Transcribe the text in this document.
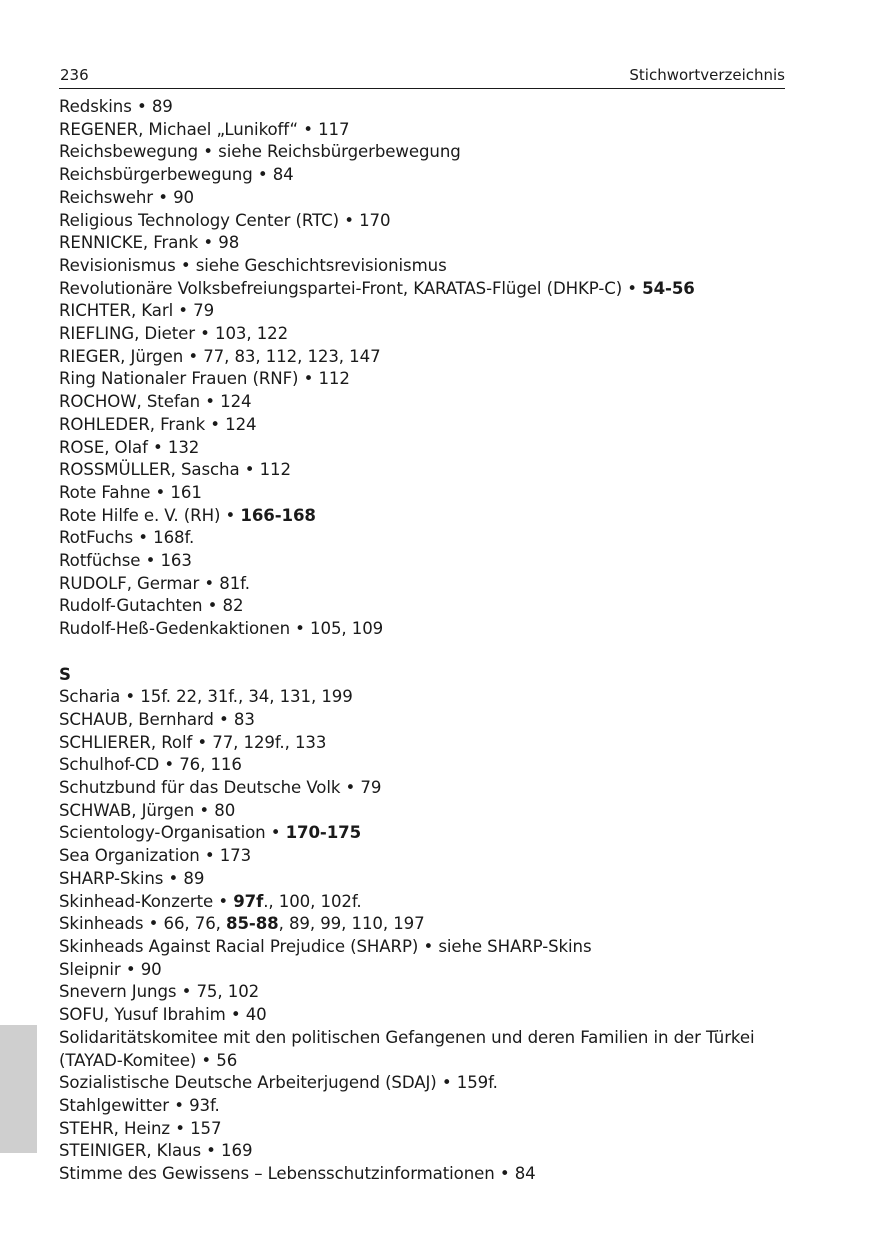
236	Stichwortverzeichnis
Redskins • 89
REGENER, Michael „Lunikoff“ • 117
Reichsbewegung • siehe Reichsbürgerbewegung
Reichsbürgerbewegung • 84
Reichswehr • 90
Religious Technology Center (RTC) • 170
RENNICKE, Frank • 98
Revisionismus • siehe Geschichtsrevisionismus
Revolutionäre Volksbefreiungspartei-Front, KARATAS-Flügel (DHKP-C) • 54-56
RICHTER, Karl • 79
RIEFLING, Dieter • 103, 122
RIEGER, Jürgen • 77, 83, 112, 123, 147
Ring Nationaler Frauen (RNF) • 112
ROCHOW, Stefan • 124
ROHLEDER, Frank • 124
ROSE, Olaf • 132
ROSSMÜLLER, Sascha • 112
Rote Fahne • 161
Rote Hilfe e. V. (RH) • 166-168
RotFuchs • 168f.
Rotfüchse • 163
RUDOLF, Germar • 81f.
Rudolf-Gutachten • 82
Rudolf-Heß-Gedenkaktionen • 105, 109
S
Scharia • 15f. 22, 31f., 34, 131, 199
SCHAUB, Bernhard • 83
SCHLIERER, Rolf • 77, 129f., 133
Schulhof-CD • 76, 116
Schutzbund für das Deutsche Volk • 79
SCHWAB, Jürgen • 80
Scientology-Organisation • 170-175
Sea Organization • 173
SHARP-Skins • 89
Skinhead-Konzerte • 97f., 100, 102f.
Skinheads • 66, 76, 85-88, 89, 99, 110, 197
Skinheads Against Racial Prejudice (SHARP) • siehe SHARP-Skins
Sleipnir • 90
Snevern Jungs • 75, 102
SOFU, Yusuf Ibrahim • 40
Solidaritätskomitee mit den politischen Gefangenen und deren Familien in der Türkei (TAYAD-Komitee) • 56
Sozialistische Deutsche Arbeiterjugend (SDAJ) • 159f.
Stahlgewitter • 93f.
STEHR, Heinz • 157
STEINIGER, Klaus • 169
Stimme des Gewissens – Lebensschutzinformationen • 84
